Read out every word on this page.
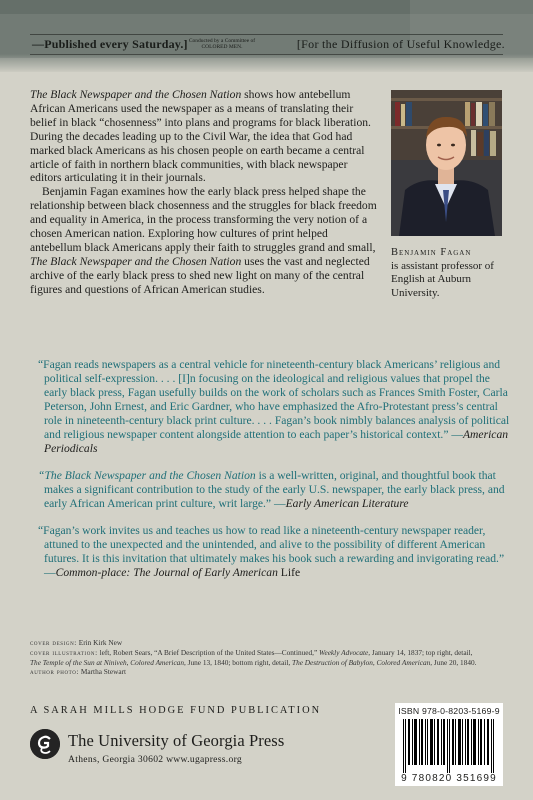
—Published every Saturday.] Conducted by a Committee of COLORED MEN.	[For the Diffusion of Useful Knowledge.

The Black Newspaper and the Chosen Nation shows how antebellum African Americans used the newspaper as a means of translating their belief in black “chosenness” into plans and programs for black liberation. During the decades leading up to the Civil War, the idea that God had marked black Americans as his chosen people on earth became a central article of faith in northern black communities, with black newspaper editors articulating it in their journals.

Benjamin Fagan examines how the early black press helped shape the relationship between black chosenness and the struggles for black freedom and equality in America, in the process transforming the very notion of a chosen American nation. Exploring how cultures of print helped antebellum black Americans apply their faith to struggles grand and small, The Black Newspaper and the Chosen Nation uses the vast and neglected archive of the early black press to shed new light on many of the central figures and questions of African American studies.

Benjamin Fagan
is assistant professor of English at Auburn University.

“Fagan reads newspapers as a central vehicle for nineteenth-century black Americans’ religious and political self-expression. . . . [I]n focusing on the ideological and religious values that propel the early black press, Fagan usefully builds on the work of scholars such as Frances Smith Foster, Carla Peterson, John Ernest, and Eric Gardner, who have emphasized the Afro-Protestant press’s central role in nineteenth-century black print culture. . . . Fagan’s book nimbly balances analysis of political and religious newspaper content alongside attention to each paper’s historical context.” —American Periodicals

“The Black Newspaper and the Chosen Nation is a well-written, original, and thoughtful book that makes a significant contribution to the study of the early U.S. newspaper, the early black press, and early African American print culture, writ large.” —Early American Literature

“Fagan’s work invites us and teaches us how to read like a nineteenth-century newspaper reader, attuned to the unexpected and the unintended, and alive to the possibility of different American futures. It is this invitation that ultimately makes his book such a rewarding and invigorating read.” —Common-place: The Journal of Early American Life

cover design: Erin Kirk New
cover illustration: left, Robert Sears, “A Brief Description of the United States—Continued,” Weekly Advocate, January 14, 1837; top right, detail, The Temple of the Sun at Niniveh, Colored American, June 13, 1840; bottom right, detail, The Destruction of Babylon, Colored American, June 20, 1840.
author photo: Martha Stewart
A SARAH MILLS HODGE FUND PUBLICATION
The University of Georgia Press
Athens, Georgia 30602 www.ugapress.org
ISBN 978-0-8203-5169-9
9 780820 351699
